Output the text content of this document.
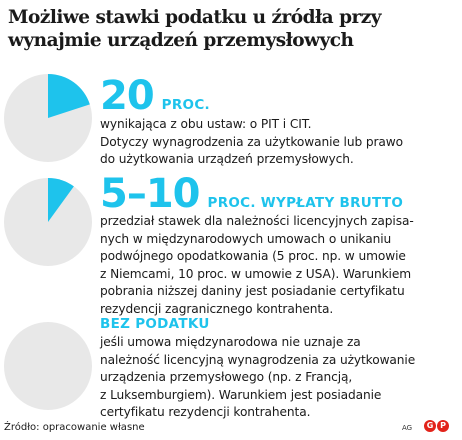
Możliwe stawki podatku u źródła przy wynajmie urządzeń przemysłowych
20 PROC.

wynikająca z obu ustaw: o PIT i CIT.
Dotyczy wynagrodzenia za użytkowanie lub prawo
do użytkowania urządzeń przemysłowych.

5–10 PROC. WYPŁATY BRUTTO

przedział stawek dla należności licencyjnych zapisa-
nych w międzynarodowych umowach o unikaniu
podwójnego opodatkowania (5 proc. np. w umowie
z Niemcami, 10 proc. w umowie z USA). Warunkiem
pobrania niższej daniny jest posiadanie certyfikatu
rezydencji zagranicznego kontrahenta.

BEZ PODATKU

jeśli umowa międzynarodowa nie uznaje za
należność licencyjną wynagrodzenia za użytkowanie
urządzenia przemysłowego (np. z Francją,
z Luksemburgiem). Warunkiem jest posiadanie
certyfikatu rezydencji kontrahenta.

Źródło: opracowanie własne	AG	G P
